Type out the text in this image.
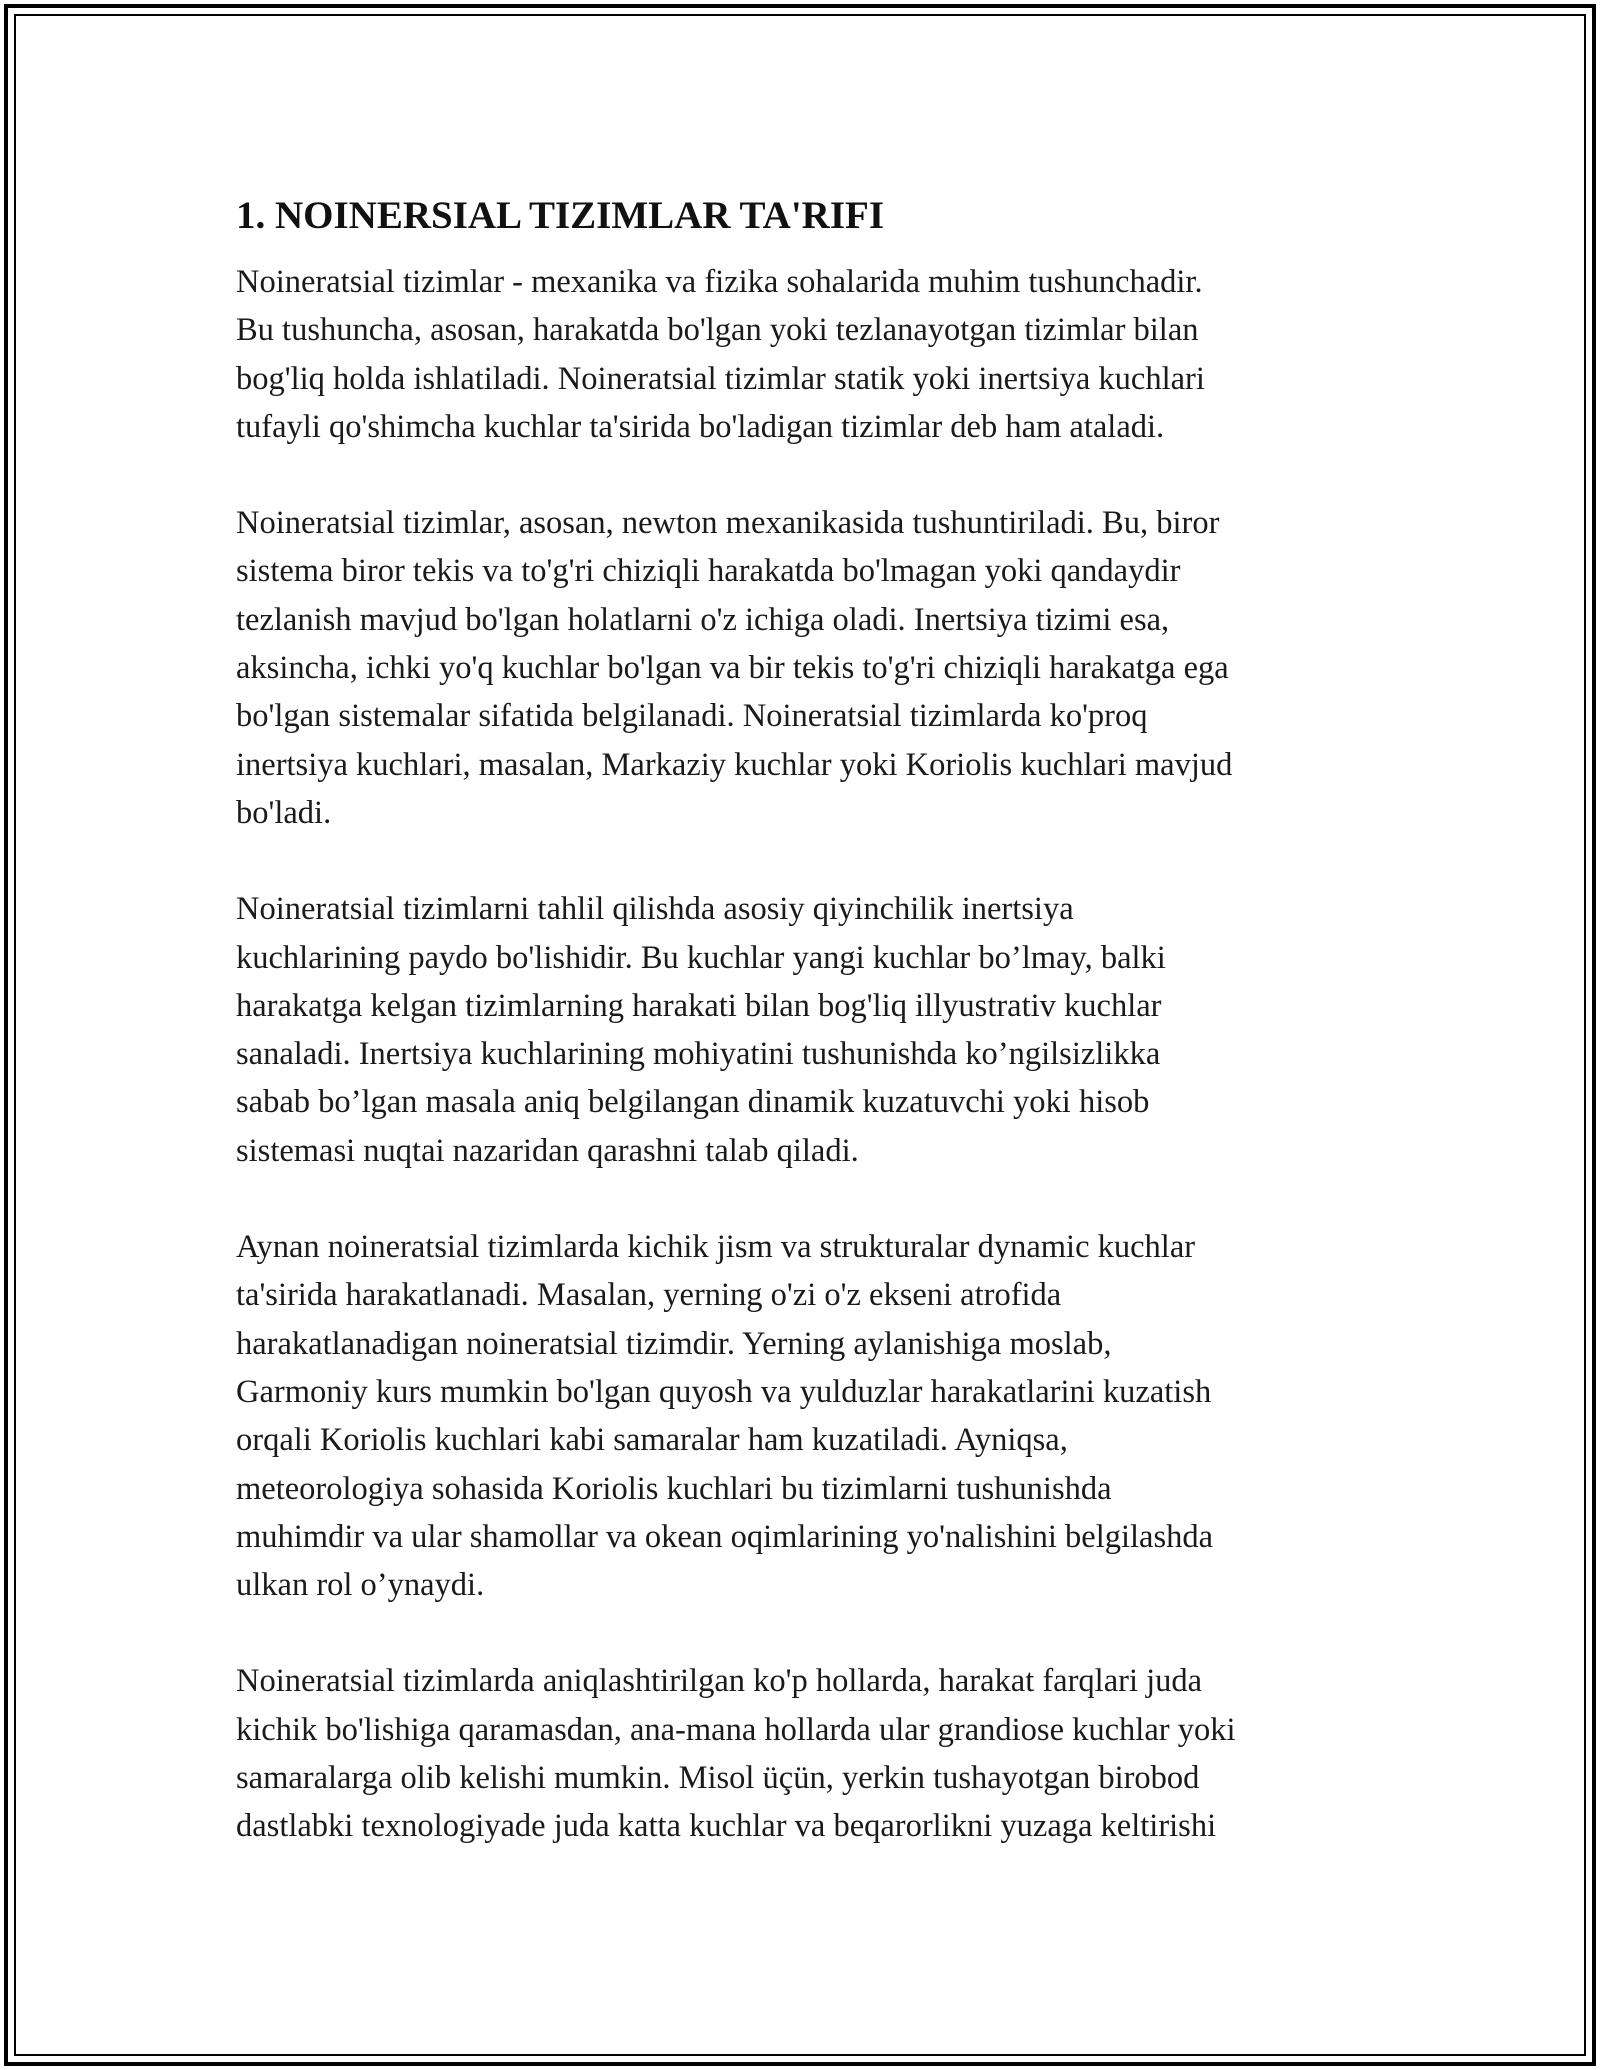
1. NOINERSIAL TIZIMLAR TA'RIFI

Noineratsial tizimlar - mexanika va fizika sohalarida muhim tushunchadir.
Bu tushuncha, asosan, harakatda bo'lgan yoki tezlanayotgan tizimlar bilan
bog'liq holda ishlatiladi. Noineratsial tizimlar statik yoki inertsiya kuchlari
tufayli qo'shimcha kuchlar ta'sirida bo'ladigan tizimlar deb ham ataladi.

Noineratsial tizimlar, asosan, newton mexanikasida tushuntiriladi. Bu, biror
sistema biror tekis va to'g'ri chiziqli harakatda bo'lmagan yoki qandaydir
tezlanish mavjud bo'lgan holatlarni o'z ichiga oladi. Inertsiya tizimi esa,
aksincha, ichki yo'q kuchlar bo'lgan va bir tekis to'g'ri chiziqli harakatga ega
bo'lgan sistemalar sifatida belgilanadi. Noineratsial tizimlarda ko'proq
inertsiya kuchlari, masalan, Markaziy kuchlar yoki Koriolis kuchlari mavjud
bo'ladi.

Noineratsial tizimlarni tahlil qilishda asosiy qiyinchilik inertsiya
kuchlarining paydo bo'lishidir. Bu kuchlar yangi kuchlar bo’lmay, balki
harakatga kelgan tizimlarning harakati bilan bog'liq illyustrativ kuchlar
sanaladi. Inertsiya kuchlarining mohiyatini tushunishda ko’ngilsizlikka
sabab bo’lgan masala aniq belgilangan dinamik kuzatuvchi yoki hisob
sistemasi nuqtai nazaridan qarashni talab qiladi.

Aynan noineratsial tizimlarda kichik jism va strukturalar dynamic kuchlar
ta'sirida harakatlanadi. Masalan, yerning o'zi o'z ekseni atrofida
harakatlanadigan noineratsial tizimdir. Yerning aylanishiga moslab,
Garmoniy kurs mumkin bo'lgan quyosh va yulduzlar harakatlarini kuzatish
orqali Koriolis kuchlari kabi samaralar ham kuzatiladi. Ayniqsa,
meteorologiya sohasida Koriolis kuchlari bu tizimlarni tushunishda
muhimdir va ular shamollar va okean oqimlarining yo'nalishini belgilashda
ulkan rol o’ynaydi.

Noineratsial tizimlarda aniqlashtirilgan ko'p hollarda, harakat farqlari juda
kichik bo'lishiga qaramasdan, ana-mana hollarda ular grandiose kuchlar yoki
samaralarga olib kelishi mumkin. Misol üçün, yerkin tushayotgan birobod
dastlabki texnologiyade juda katta kuchlar va beqarorlikni yuzaga keltirishi
